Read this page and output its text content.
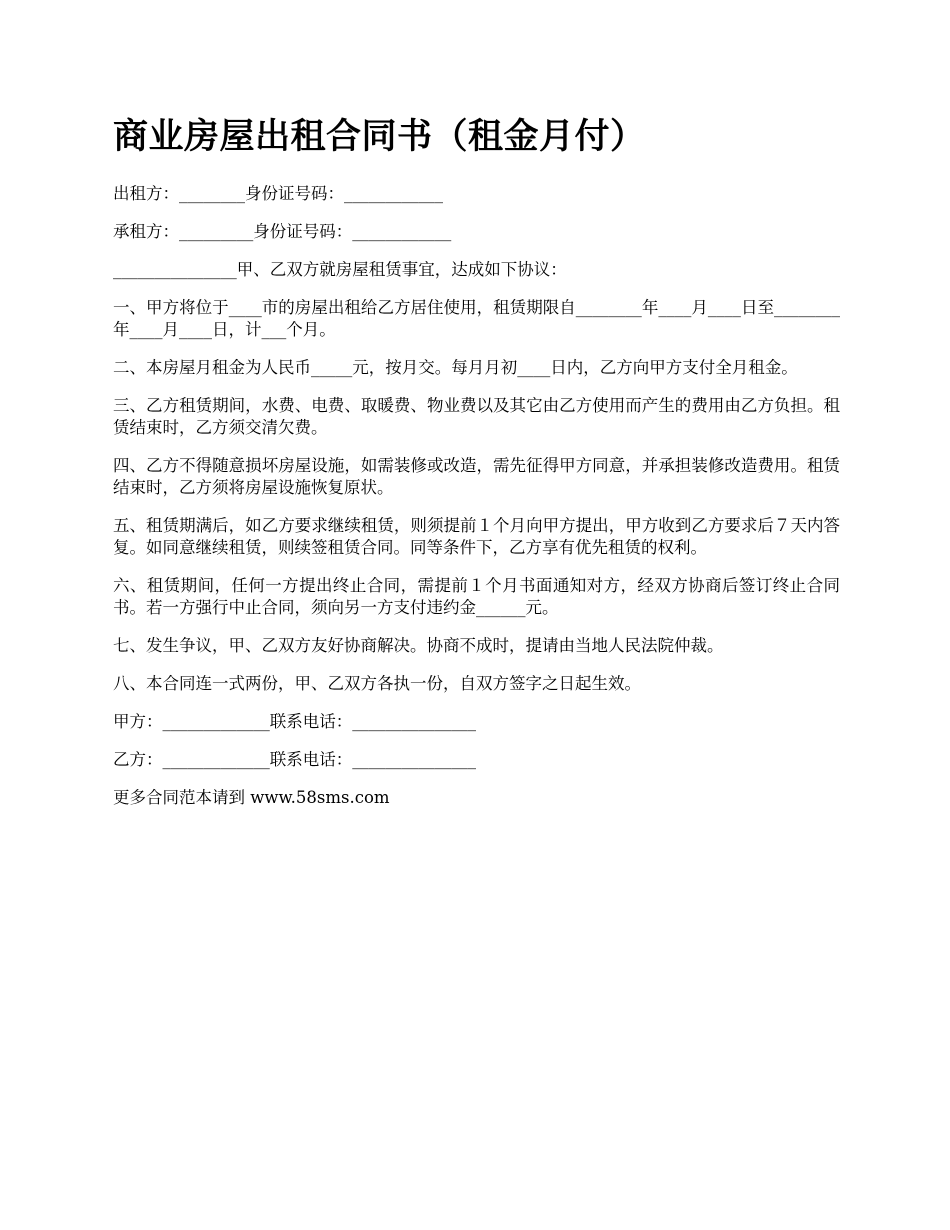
商业房屋出租合同书（租金月付）

出租方：________身份证号码：____________

承租方：_________身份证号码：____________

_______________甲、乙双方就房屋租赁事宜，达成如下协议：

一、甲方将位于____市的房屋出租给乙方居住使用，租赁期限自________年____月____日至________年____月____日，计___个月。

二、本房屋月租金为人民币_____元，按月交。每月月初____日内，乙方向甲方支付全月租金。

三、乙方租赁期间，水费、电费、取暖费、物业费以及其它由乙方使用而产生的费用由乙方负担。租赁结束时，乙方须交清欠费。

四、乙方不得随意损坏房屋设施，如需装修或改造，需先征得甲方同意，并承担装修改造费用。租赁结束时，乙方须将房屋设施恢复原状。

五、租赁期满后，如乙方要求继续租赁，则须提前１个月向甲方提出，甲方收到乙方要求后７天内答复。如同意继续租赁，则续签租赁合同。同等条件下，乙方享有优先租赁的权利。

六、租赁期间，任何一方提出终止合同，需提前１个月书面通知对方，经双方协商后签订终止合同书。若一方强行中止合同，须向另一方支付违约金______元。

七、发生争议，甲、乙双方友好协商解决。协商不成时，提请由当地人民法院仲裁。

八、本合同连一式两份，甲、乙双方各执一份，自双方签字之日起生效。

甲方：_____________联系电话：_______________

乙方：_____________联系电话：_______________

更多合同范本请到 www.58sms.com
